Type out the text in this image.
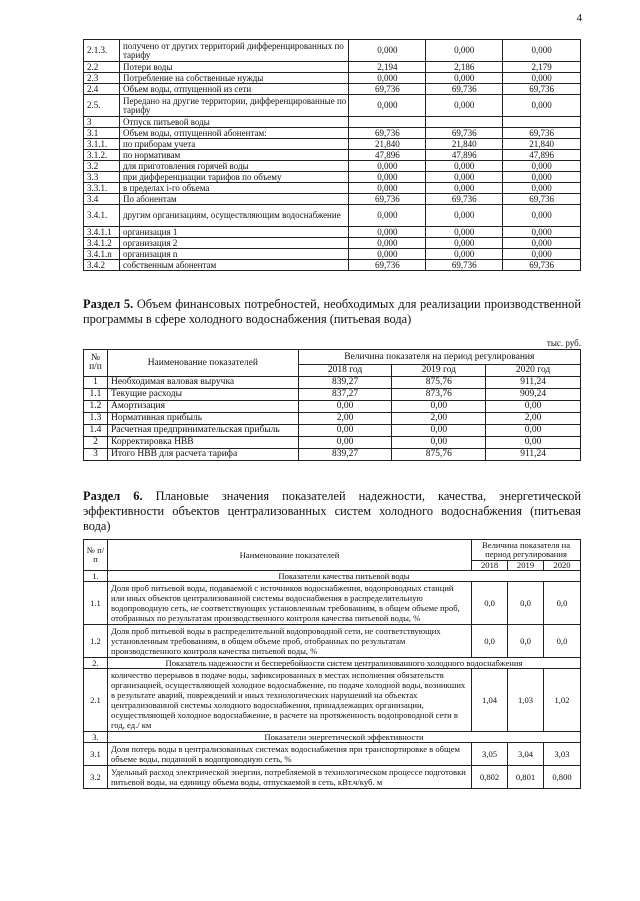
4
2.1.3.	получено от других территорий дифференцированных по тарифу	0,000	0,000	0,000
2.2	Потери воды	2,194	2,186	2,179
2.3	Потребление на собственные нужды	0,000	0,000	0,000
2.4	Объем воды, отпущенной из сети	69,736	69,736	69,736
2.5.	Передано на другие территории, дифференцированные по тарифу	0,000	0,000	0,000
3	Отпуск питьевой воды			
3.1	Объем воды, отпущенной абонентам:	69,736	69,736	69,736
3.1.1.	по приборам учета	21,840	21,840	21,840
3.1.2.	по нормативам	47,896	47,896	47,896
3.2	для приготовления горячей воды	0,000	0,000	0,000
3.3	при дифференциации тарифов по объему	0,000	0,000	0,000
3.3.1.	в пределах i-го объема	0,000	0,000	0,000
3.4	По абонентам	69,736	69,736	69,736
3.4.1.	другим организациям, осуществляющим водоснабжение	0,000	0,000	0,000
3.4.1.1	организация 1	0,000	0,000	0,000
3.4.1.2	организация 2	0,000	0,000	0,000
3.4.1.n	организация n	0,000	0,000	0,000
3.4.2	собственным абонентам	69,736	69,736	69,736
Раздел 5. Объем финансовых потребностей, необходимых для реализации производственной программы в сфере холодного водоснабжения (питьевая вода)
тыс. руб.
№ п/п	Наименование показателей	Величина показателя на период регулирования		
		2018 год	2019 год	2020 год
1	Необходимая валовая выручка	839,27	875,76	911,24
1.1	Текущие расходы	837,27	873,76	909,24
1.2	Амортизация	0,00	0,00	0,00
1.3	Нормативная прибыль	2,00	2,00	2,00
1.4	Расчетная предпринимательская прибыль	0,00	0,00	0,00
2	Корректировка НВВ	0,00	0,00	0,00
3	Итого НВВ для расчета тарифа	839,27	875,76	911,24
Раздел 6. Плановые значения показателей надежности, качества, энергетической эффективности объектов централизованных систем холодного водоснабжения (питьевая вода)
№ п/п	Наименование показателей	Величина показателя на период регулирования		
		2018	2019	2020
1.	Показатели качества питьевой воды			
1.1	Доля проб питьевой воды, подаваемой с источников водоснабжения, водопроводных станций или иных объектов централизованной системы водоснабжения в распределительную водопроводную сеть, не соответствующих установленным требованиям, в общем объеме проб, отобранных по результатам производственного контроля качества питьевой воды, %	0,0	0,0	0,0
1.2	Доля проб питьевой воды в распределительной водопроводной сети, не соответствующих установленным требованиям, в общем объеме проб, отобранных по результатам производственного контроля качества питьевой воды, %	0,0	0,0	0,0
2.	Показатель надежности и бесперебойности систем централизованного холодного водоснабжения			
2.1	количество перерывов в подаче воды, зафиксированных в местах исполнения обязательств организацией, осуществляющей холодное водоснабжение, по подаче холодной воды, возникших в результате аварий, повреждений и иных технологических нарушений на объектах централизованной системы холодного водоснабжения, принадлежащих организации, осуществляющей холодное водоснабжение, в расчете на протяженность водопроводной сети в год, ед./ км	1,04	1,03	1,02
3.	Показатели энергетической эффективности			
3.1	Доля потерь воды в централизованных системах водоснабжения при транспортировке в общем объеме воды, поданной в водопроводную сеть, %	3,05	3,04	3,03
3.2	Удельный расход электрической энергии, потребляемой в технологическом процессе подготовки питьевой воды, на единицу объема воды, отпускаемой в сеть, кВт.ч/куб. м	0,802	0,801	0,800
